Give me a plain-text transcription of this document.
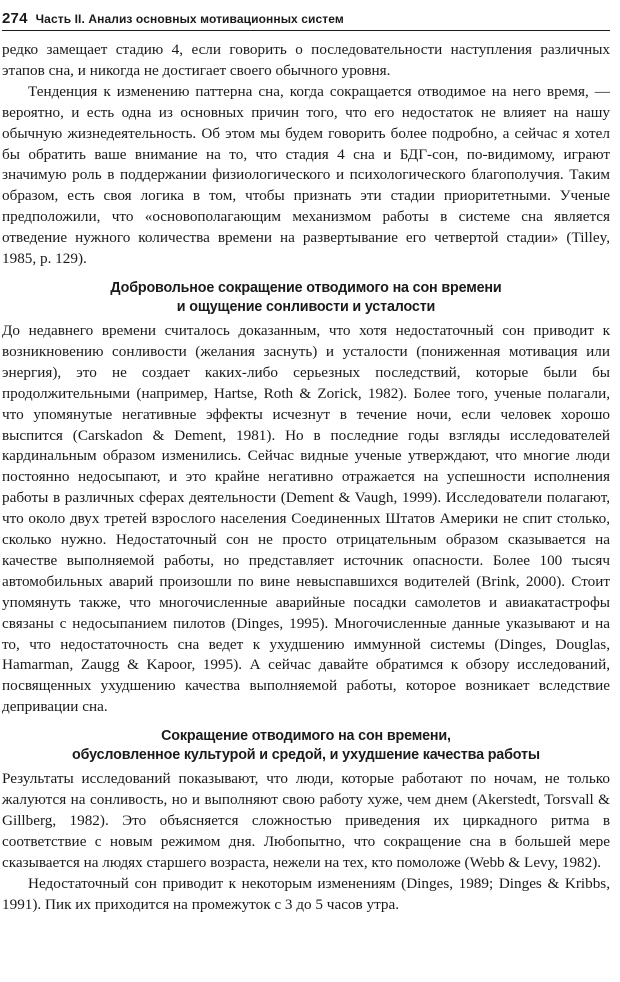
274 Часть II. Анализ основных мотивационных систем

редко замещает стадию 4, если говорить о последовательности наступления различных этапов сна, и никогда не достигает своего обычного уровня.

Тенденция к изменению паттерна сна, когда сокращается отводимое на него время, — вероятно, и есть одна из основных причин того, что его недостаток не влияет на нашу обычную жизнедеятельность. Об этом мы будем говорить более подробно, а сейчас я хотел бы обратить ваше внимание на то, что стадия 4 сна и БДГ-сон, по-видимому, играют значимую роль в поддержании физиологического и психологического благополучия. Таким образом, есть своя логика в том, чтобы признать эти стадии приоритетными. Ученые предположили, что «основополагающим механизмом работы в системе сна является отведение нужного количества времени на развертывание его четвертой стадии» (Tilley, 1985, p. 129).

Добровольное сокращение отводимого на сон времени
и ощущение сонливости и усталости

До недавнего времени считалось доказанным, что хотя недостаточный сон приводит к возникновению сонливости (желания заснуть) и усталости (пониженная мотивация или энергия), это не создает каких-либо серьезных последствий, которые были бы продолжительными (например, Hartse, Roth & Zorick, 1982). Более того, ученые полагали, что упомянутые негативные эффекты исчезнут в течение ночи, если человек хорошо выспится (Carskadon & Dement, 1981). Но в последние годы взгляды исследователей кардинальным образом изменились. Сейчас видные ученые утверждают, что многие люди постоянно недосыпают, и это крайне негативно отражается на успешности исполнения работы в различных сферах деятельности (Dement & Vaugh, 1999). Исследователи полагают, что около двух третей взрослого населения Соединенных Штатов Америки не спит столько, сколько нужно. Недостаточный сон не просто отрицательным образом сказывается на качестве выполняемой работы, но представляет источник опасности. Более 100 тысяч автомобильных аварий произошли по вине невыспавшихся водителей (Brink, 2000). Стоит упомянуть также, что многочисленные аварийные посадки самолетов и авиакатастрофы связаны с недосыпанием пилотов (Dinges, 1995). Многочисленные данные указывают и на то, что недостаточность сна ведет к ухудшению иммунной системы (Dinges, Douglas, Hamarman, Zaugg & Kapoor, 1995). А сейчас давайте обратимся к обзору исследований, посвященных ухудшению качества выполняемой работы, которое возникает вследствие депривации сна.

Сокращение отводимого на сон времени,
обусловленное культурой и средой, и ухудшение качества работы

Результаты исследований показывают, что люди, которые работают по ночам, не только жалуются на сонливость, но и выполняют свою работу хуже, чем днем (Akerstedt, Torsvall & Gillberg, 1982). Это объясняется сложностью приведения их циркадного ритма в соответствие с новым режимом дня. Любопытно, что сокращение сна в большей мере сказывается на людях старшего возраста, нежели на тех, кто помоложе (Webb & Levy, 1982).

Недостаточный сон приводит к некоторым изменениям (Dinges, 1989; Dinges & Kribbs, 1991). Пик их приходится на промежуток с 3 до 5 часов утра.
